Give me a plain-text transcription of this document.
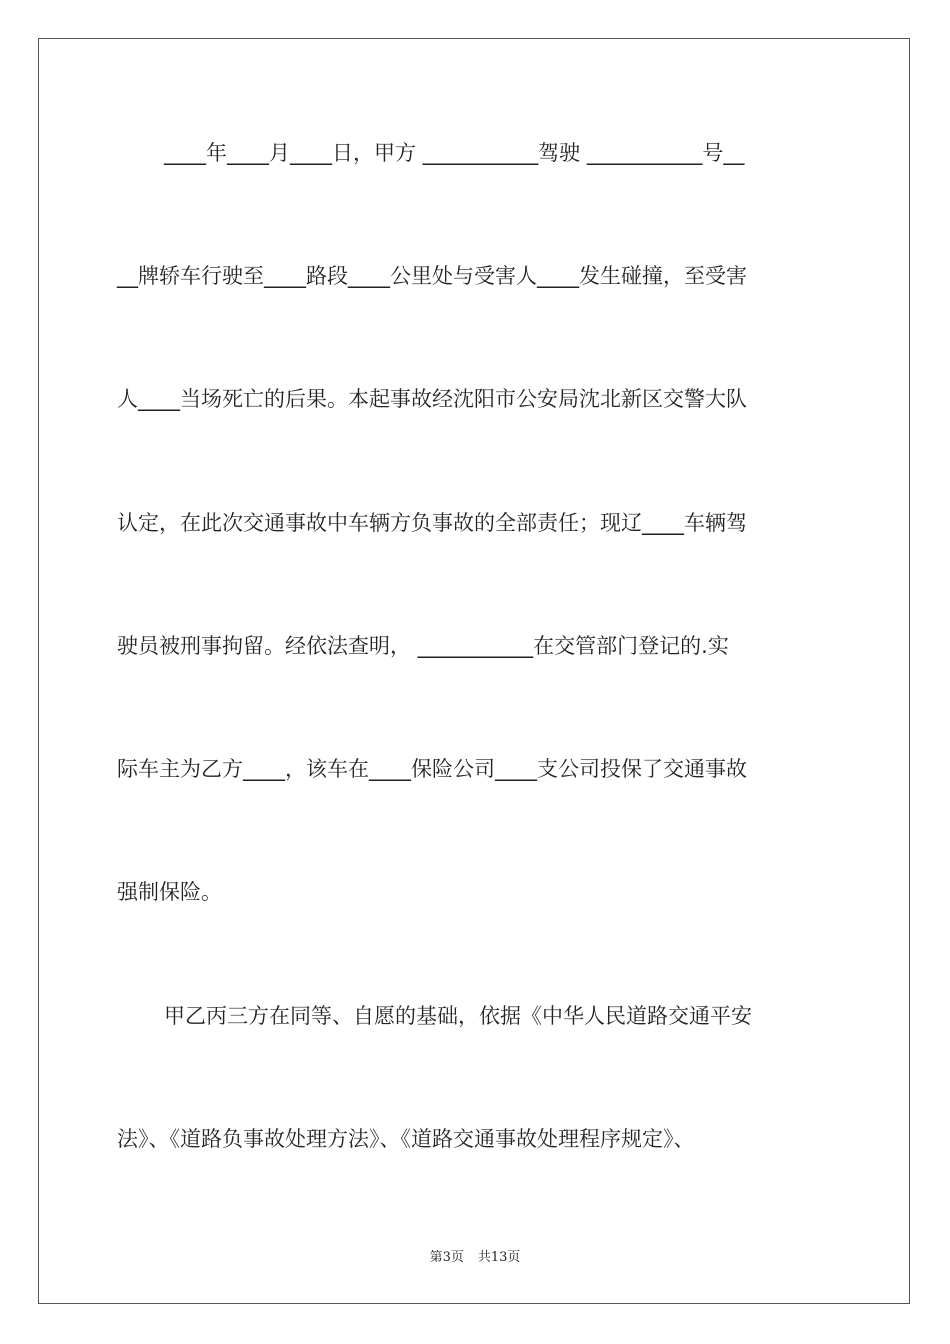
____年____月____日，甲方 ___________驾驶 ___________号__
__牌轿车行驶至____路段____公里处与受害人____发生碰撞，至受害
人____当场死亡的后果。本起事故经沈阳市公安局沈北新区交警大队
认定，在此次交通事故中车辆方负事故的全部责任；现辽____车辆驾
驶员被刑事拘留。经依法查明， ___________在交管部门登记的.实
际车主为乙方____，该车在____保险公司____支公司投保了交通事故
强制保险。
甲乙丙三方在同等、自愿的基础，依据《中华人民道路交通平安
法》、《道路负事故处理方法》、《道路交通事故处理程序规定》、
第3页 共13页
